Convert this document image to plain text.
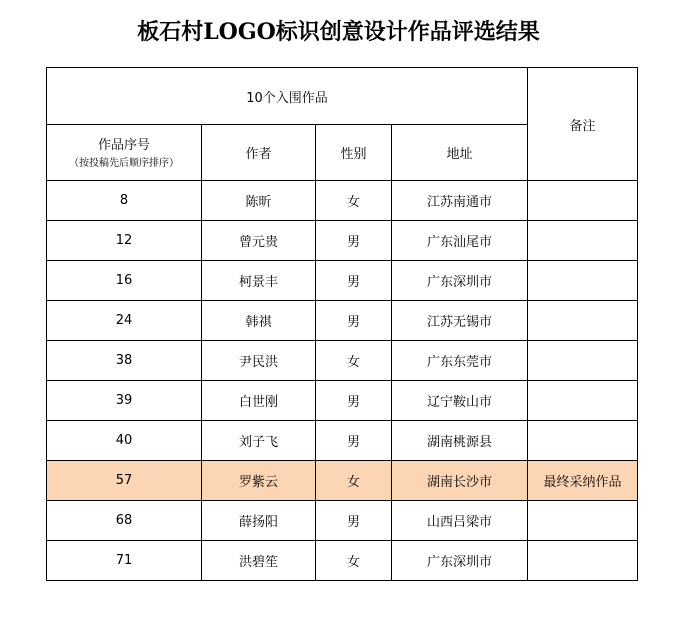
板石村LOGO标识创意设计作品评选结果
10个入围作品				备注

作品序号
（按投稿先后顺序排序）	作者	性别	地址	
8	陈昕	女	江苏南通市	
12	曾元贵	男	广东汕尾市	
16	柯景丰	男	广东深圳市	
24	韩祺	男	江苏无锡市	
38	尹民洪	女	广东东莞市	
39	白世刚	男	辽宁鞍山市	
40	刘子飞	男	湖南桃源县	
57	罗紫云	女	湖南长沙市	最终采纳作品
68	薛扬阳	男	山西吕梁市	
71	洪碧笙	女	广东深圳市	
